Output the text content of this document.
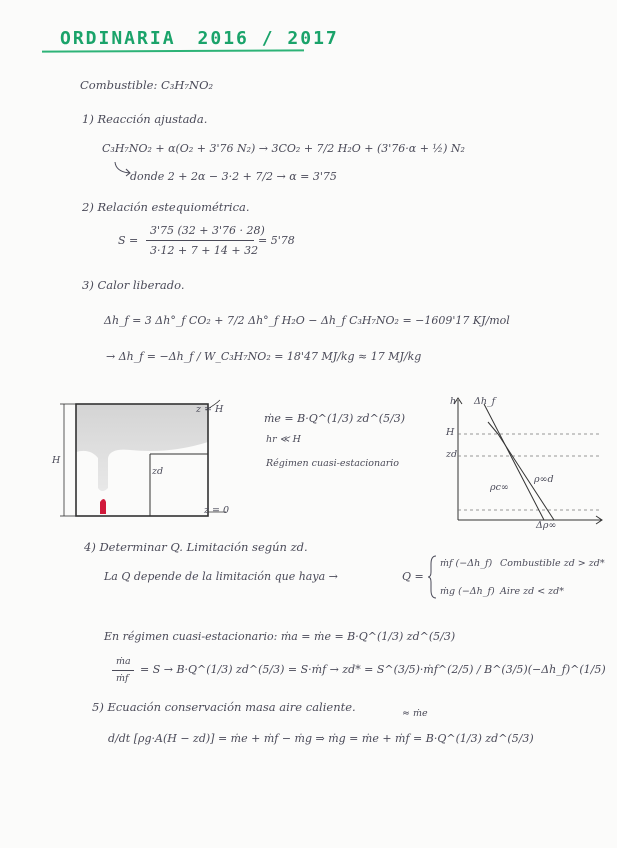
ORDINARIA 2016 / 2017
Combustible: C₃H₇NO₂
1) Reacción ajustada.
C₃H₇NO₂ + α(O₂ + 3'76 N₂) → 3CO₂ + 7/2 H₂O + (3'76·α + ½) N₂
donde 2 + 2α − 3·2 + 7/2 → α = 3'75
2) Relación estequiométrica.
S =
3'75 (32 + 3'76 · 28)
3·12 + 7 + 14 + 32
= 5'78
3) Calor liberado.
Δh_f = 3 Δh°_f CO₂ + 7/2 Δh°_f H₂O − Δh_f C₃H₇NO₂ = −1609'17 KJ/mol
→ Δh_f = −Δh_f / W_C₃H₇NO₂ = 18'47 MJ/kg ≈ 17 MJ/kg
H
zd
z = H
z = 0
ṁe = B·Q^(1/3) zd^(5/3)
hr ≪ H
Régimen cuasi-estacionario
h Δh_f
H
zd
ρc∞
ρ∞d
Δρ∞
4) Determinar Q. Limitación según zd.
La Q depende de la limitación que haya →	Q =
ṁf (−Δh_f) Combustible zd > zd*
ṁg (−Δh_f) Aire zd < zd*
En régimen cuasi-estacionario: ṁa = ṁe = B·Q^(1/3) zd^(5/3)
ṁa
ṁf
= S → B·Q^(1/3) zd^(5/3) = S·ṁf → zd* = S^(3/5)·ṁf^(2/5) / B^(3/5)(−Δh_f)^(1/5)
5) Ecuación conservación masa aire caliente.	≈ ṁe
d/dt [ρg·A(H − zd)] = ṁe + ṁf − ṁg ⇒ ṁg = ṁe + ṁf = B·Q^(1/3) zd^(5/3)
